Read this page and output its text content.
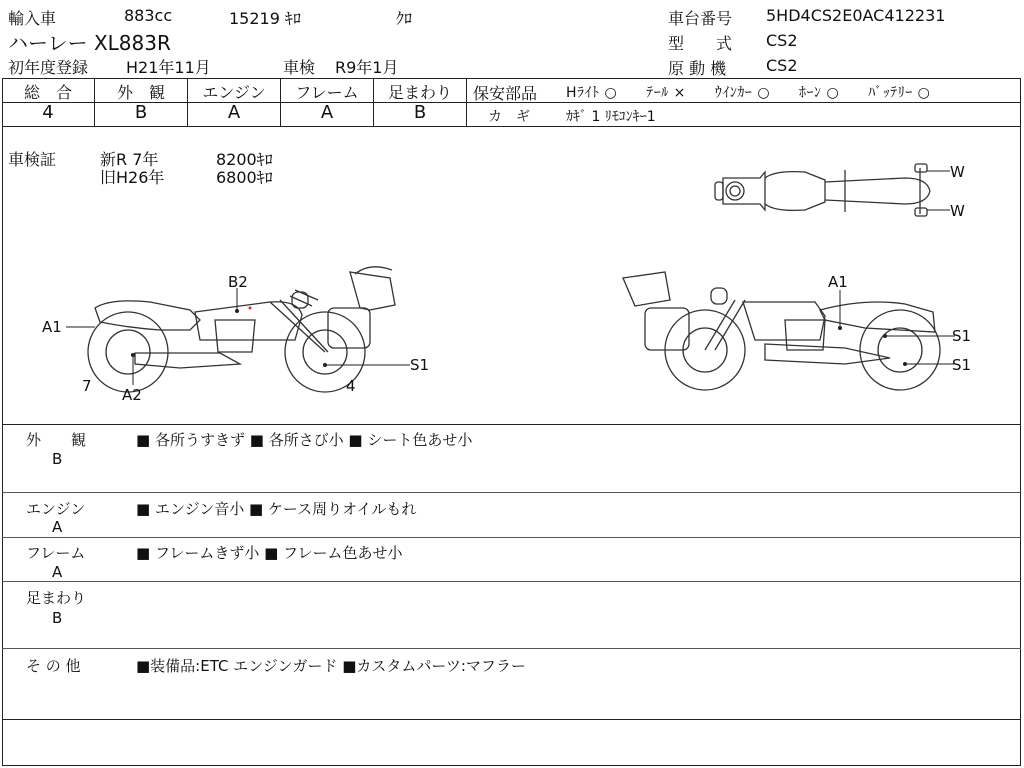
輸入車	883cc	15219 ｷﾛ	ｸﾛ
ハーレー XL883R
初年度登録 H21年11月	車検 R9年1月
車台番号 5HD4CS2E0AC412231
型　　式 CS2
原 動 機 CS2
総　合
4
外　観
B
エンジン
A
フレーム
A
足まわり
B
保安部品 Hﾗｲﾄ ○　　ﾃｰﾙ ×　　ｳｲﾝｶｰ ○　　ﾎｰﾝ ○　　ﾊﾞｯﾃﾘｰ ○
カ　ギ	ｶｷﾞ 1 ﾘﾓｺﾝｷｰ1
車検証	新R 7年	8200ｷﾛ
旧H26年	6800ｷﾛ
B2
A1
A2
7	4
S1
A1
S1
S1
W
W
外　　観
B
■ 各所うすきず ■ 各所さび小 ■ シート色あせ小
エンジン
A
■ エンジン音小 ■ ケース周りオイルもれ
フレーム
A
■ フレームきず小 ■ フレーム色あせ小
足まわり
B
そ の 他	■装備品:ETC エンジンガード ■カスタムパーツ:マフラー
